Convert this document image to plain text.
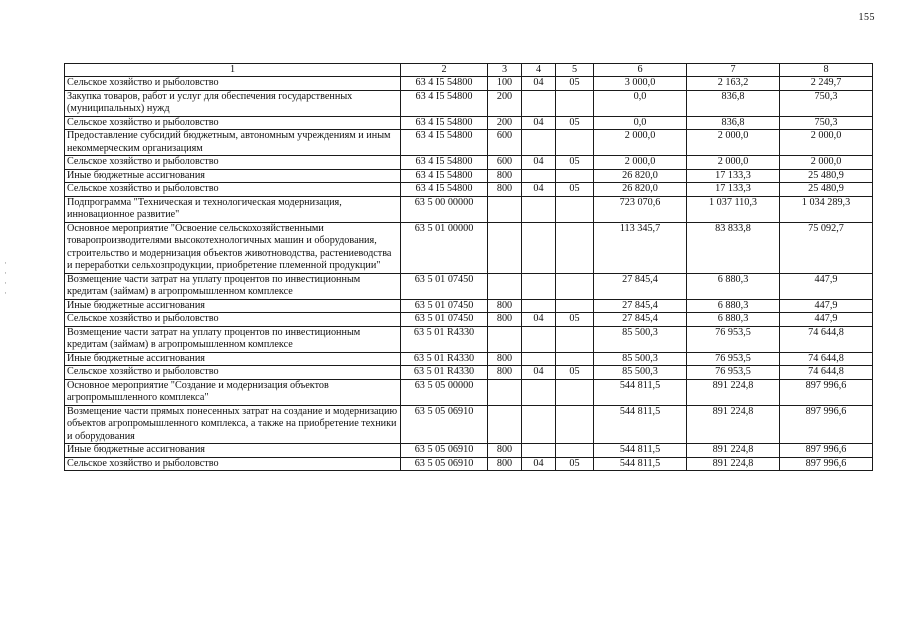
155
·
·
·
·
1	2	3	4	5	6	7	8
Сельское хозяйство и рыболовство	63 4 I5 54800	100	04	05	3 000,0	2 163,2	2 249,7
Закупка товаров, работ и услуг для обеспечения государственных (муниципальных) нужд	63 4 I5 54800	200			0,0	836,8	750,3
Сельское хозяйство и рыболовство	63 4 I5 54800	200	04	05	0,0	836,8	750,3
Предоставление субсидий бюджетным, автономным учреждениям и иным некоммерческим организациям	63 4 I5 54800	600			2 000,0	2 000,0	2 000,0
Сельское хозяйство и рыболовство	63 4 I5 54800	600	04	05	2 000,0	2 000,0	2 000,0
Иные бюджетные ассигнования	63 4 I5 54800	800			26 820,0	17 133,3	25 480,9
Сельское хозяйство и рыболовство	63 4 I5 54800	800	04	05	26 820,0	17 133,3	25 480,9
Подпрограмма "Техническая и технологическая модернизация, инновационное развитие"	63 5 00 00000				723 070,6	1 037 110,3	1 034 289,3
Основное мероприятие "Освоение сельскохозяйственными товаропроизводителями высокотехнологичных машин и оборудования, строительство и модернизация объектов животноводства, растениеводства и переработки сельхозпродукции, приобретение племенной продукции"	63 5 01 00000				113 345,7	83 833,8	75 092,7
Возмещение части затрат на уплату процентов по инвестиционным кредитам (займам) в агропромышленном комплексе	63 5 01 07450				27 845,4	6 880,3	447,9
Иные бюджетные ассигнования	63 5 01 07450	800			27 845,4	6 880,3	447,9
Сельское хозяйство и рыболовство	63 5 01 07450	800	04	05	27 845,4	6 880,3	447,9
Возмещение части затрат на уплату процентов по инвестиционным кредитам (займам) в агропромышленном комплексе	63 5 01 R4330				85 500,3	76 953,5	74 644,8
Иные бюджетные ассигнования	63 5 01 R4330	800			85 500,3	76 953,5	74 644,8
Сельское хозяйство и рыболовство	63 5 01 R4330	800	04	05	85 500,3	76 953,5	74 644,8
Основное мероприятие "Создание и модернизация объектов агропромышленного комплекса"	63 5 05 00000				544 811,5	891 224,8	897 996,6
Возмещение части прямых понесенных затрат на создание и модернизацию объектов агропромышленного комплекса, а также на приобретение техники и оборудования	63 5 05 06910				544 811,5	891 224,8	897 996,6
Иные бюджетные ассигнования	63 5 05 06910	800			544 811,5	891 224,8	897 996,6
Сельское хозяйство и рыболовство	63 5 05 06910	800	04	05	544 811,5	891 224,8	897 996,6
